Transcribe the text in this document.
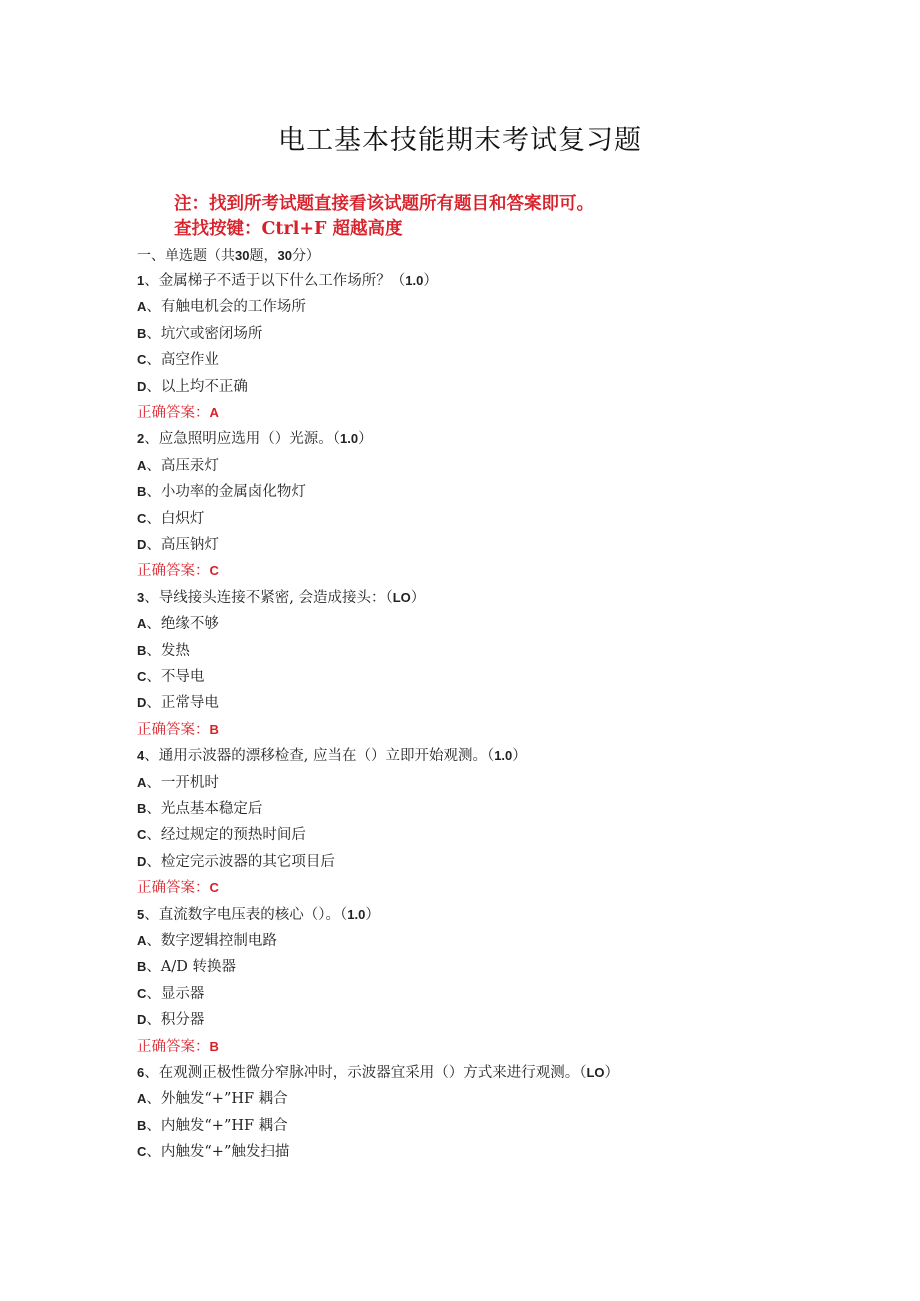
电工基本技能期末考试复习题
注：找到所考试题直接看该试题所有题目和答案即可。
查找按键：Ctrl+F 超越高度
一、单选题（共30题，30分）
1、金属梯子不适于以下什么工作场所？（1.0）
A、有触电机会的工作场所
B、坑穴或密闭场所
C、高空作业
D、以上均不正确
正确答案：A
2、应急照明应选用（）光源。（1.0）
A、高压汞灯
B、小功率的金属卤化物灯
C、白炽灯
D、高压钠灯
正确答案：C
3、导线接头连接不紧密, 会造成接头：（LO）
A、绝缘不够
B、发热
C、不导电
D、正常导电
正确答案：B
4、通用示波器的漂移检查, 应当在（）立即开始观测。（1.0）
A、一开机时
B、光点基本稳定后
C、经过规定的预热时间后
D、检定完示波器的其它项目后
正确答案：C
5、直流数字电压表的核心（）。（1.0）
A、数字逻辑控制电路
B、A/D 转换器
C、显示器
D、积分器
正确答案：B
6、在观测正极性微分窄脉冲时，示波器宜采用（）方式来进行观测。（LO）
A、外触发“+”HF 耦合
B、内触发“+”HF 耦合
C、内触发“+”触发扫描
